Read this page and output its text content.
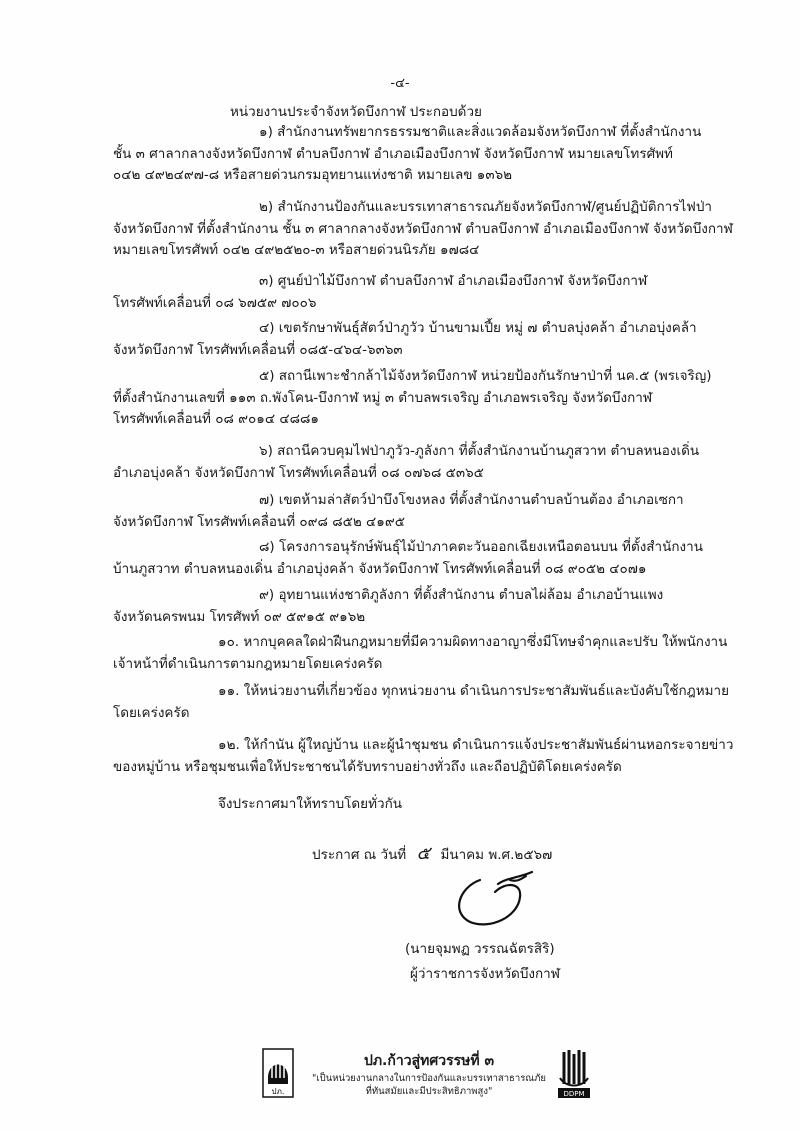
-๔-
หน่วยงานประจำจังหวัดบึงกาฬ ประกอบด้วย
๑) สำนักงานทรัพยากรธรรมชาติและสิ่งแวดล้อมจังหวัดบึงกาฬ ที่ตั้งสำนักงาน
ชั้น ๓ ศาลากลางจังหวัดบึงกาฬ ตำบลบึงกาฬ อำเภอเมืองบึงกาฬ จังหวัดบึงกาฬ หมายเลขโทรศัพท์
๐๔๒ ๔๙๒๔๙๗-๘ หรือสายด่วนกรมอุทยานแห่งชาติ หมายเลข ๑๓๖๒
๒) สำนักงานป้องกันและบรรเทาสาธารณภัยจังหวัดบึงกาฬ/ศูนย์ปฏิบัติการไฟป่า
จังหวัดบึงกาฬ ที่ตั้งสำนักงาน ชั้น ๓ ศาลากลางจังหวัดบึงกาฬ ตำบลบึงกาฬ อำเภอเมืองบึงกาฬ จังหวัดบึงกาฬ
หมายเลขโทรศัพท์ ๐๔๒ ๔๙๒๕๒๐-๓ หรือสายด่วนนิรภัย ๑๗๘๔
๓) ศูนย์ป่าไม้บึงกาฬ ตำบลบึงกาฬ อำเภอเมืองบึงกาฬ จังหวัดบึงกาฬ
โทรศัพท์เคลื่อนที่ ๐๘ ๖๗๕๙ ๗๐๐๖
๔) เขตรักษาพันธุ์สัตว์ป่าภูวัว บ้านขามเปี้ย หมู่ ๗ ตำบลบุ่งคล้า อำเภอบุ่งคล้า
จังหวัดบึงกาฬ โทรศัพท์เคลื่อนที่ ๐๘๕-๔๖๔-๖๓๖๓
๕) สถานีเพาะชำกล้าไม้จังหวัดบึงกาฬ หน่วยป้องกันรักษาป่าที่ นค.๕ (พรเจริญ)
ที่ตั้งสำนักงานเลขที่ ๑๑๓ ถ.พังโคน-บึงกาฬ หมู่ ๓ ตำบลพรเจริญ อำเภอพรเจริญ จังหวัดบึงกาฬ
โทรศัพท์เคลื่อนที่ ๐๘ ๙๐๑๔ ๔๘๘๑
๖) สถานีควบคุมไฟป่าภูวัว-ภูลังกา ที่ตั้งสำนักงานบ้านภูสวาท ตำบลหนองเดิ่น
อำเภอบุ่งคล้า จังหวัดบึงกาฬ โทรศัพท์เคลื่อนที่ ๐๘ ๐๗๖๘ ๕๓๖๕
๗) เขตห้ามล่าสัตว์ป่าบึงโขงหลง ที่ตั้งสำนักงานตำบลบ้านต้อง อำเภอเซกา
จังหวัดบึงกาฬ โทรศัพท์เคลื่อนที่ ๐๙๘ ๘๕๒ ๔๑๙๕
๘) โครงการอนุรักษ์พันธุ์ไม้ป่าภาคตะวันออกเฉียงเหนือตอนบน ที่ตั้งสำนักงาน
บ้านภูสวาท ตำบลหนองเดิ่น อำเภอบุ่งคล้า จังหวัดบึงกาฬ โทรศัพท์เคลื่อนที่ ๐๘ ๙๐๕๒ ๔๐๗๑
๙) อุทยานแห่งชาติภูลังกา ที่ตั้งสำนักงาน ตำบลไผ่ล้อม อำเภอบ้านแพง
จังหวัดนครพนม โทรศัพท์ ๐๙ ๕๙๑๕ ๙๑๖๒
๑๐. หากบุคคลใดฝ่าฝืนกฎหมายที่มีความผิดทางอาญาซึ่งมีโทษจำคุกและปรับ ให้พนักงาน
เจ้าหน้าที่ดำเนินการตามกฎหมายโดยเคร่งครัด
๑๑. ให้หน่วยงานที่เกี่ยวข้อง ทุกหน่วยงาน ดำเนินการประชาสัมพันธ์และบังคับใช้กฎหมาย
โดยเคร่งครัด
๑๒. ให้กำนัน ผู้ใหญ่บ้าน และผู้นำชุมชน ดำเนินการแจ้งประชาสัมพันธ์ผ่านหอกระจายข่าว
ของหมู่บ้าน หรือชุมชนเพื่อให้ประชาชนได้รับทราบอย่างทั่วถึง และถือปฏิบัติโดยเคร่งครัด
จึงประกาศมาให้ทราบโดยทั่วกัน
ประกาศ ณ วันที่ ๕ มีนาคม พ.ศ.๒๕๖๗
(นายจุมพฏ วรรณฉัตรสิริ)
ผู้ว่าราชการจังหวัดบึงกาฬ
ปภ.
ปภ.ก้าวสู่ทศวรรษที่ ๓
"เป็นหน่วยงานกลางในการป้องกันและบรรเทาสาธารณภัย
ที่ทันสมัยและมีประสิทธิภาพสูง"	DDPM
